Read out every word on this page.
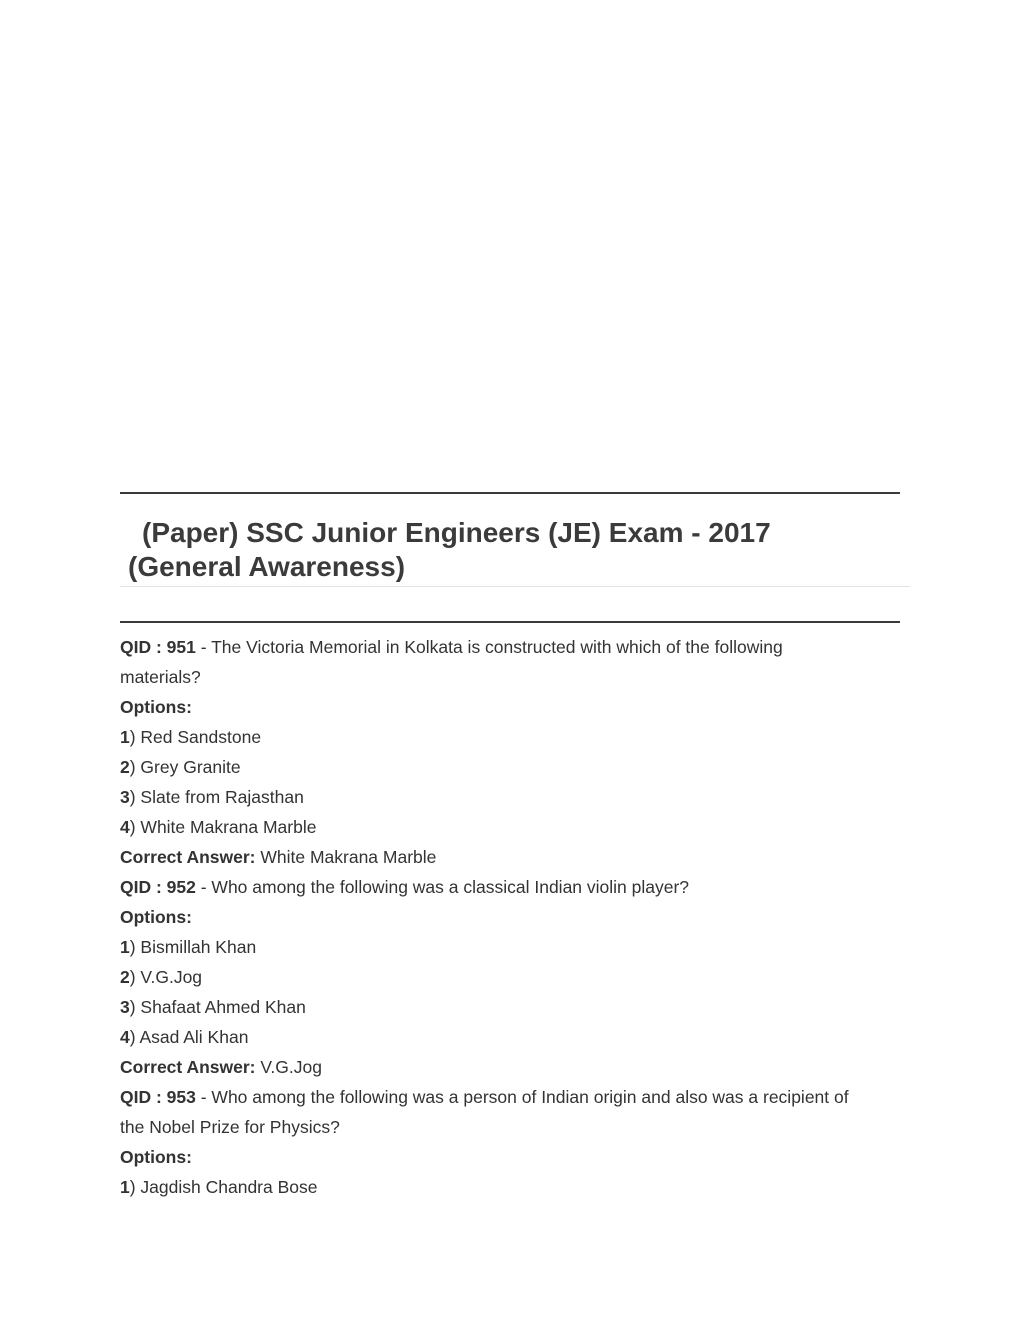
(Paper) SSC Junior Engineers (JE) Exam - 2017
(General Awareness)
QID : 951 - The Victoria Memorial in Kolkata is constructed with which of the following
materials?
Options:
1) Red Sandstone
2) Grey Granite
3) Slate from Rajasthan
4) White Makrana Marble
Correct Answer: White Makrana Marble
QID : 952 - Who among the following was a classical Indian violin player?
Options:
1) Bismillah Khan
2) V.G.Jog
3) Shafaat Ahmed Khan
4) Asad Ali Khan
Correct Answer: V.G.Jog
QID : 953 - Who among the following was a person of Indian origin and also was a recipient of
the Nobel Prize for Physics?
Options:
1) Jagdish Chandra Bose
